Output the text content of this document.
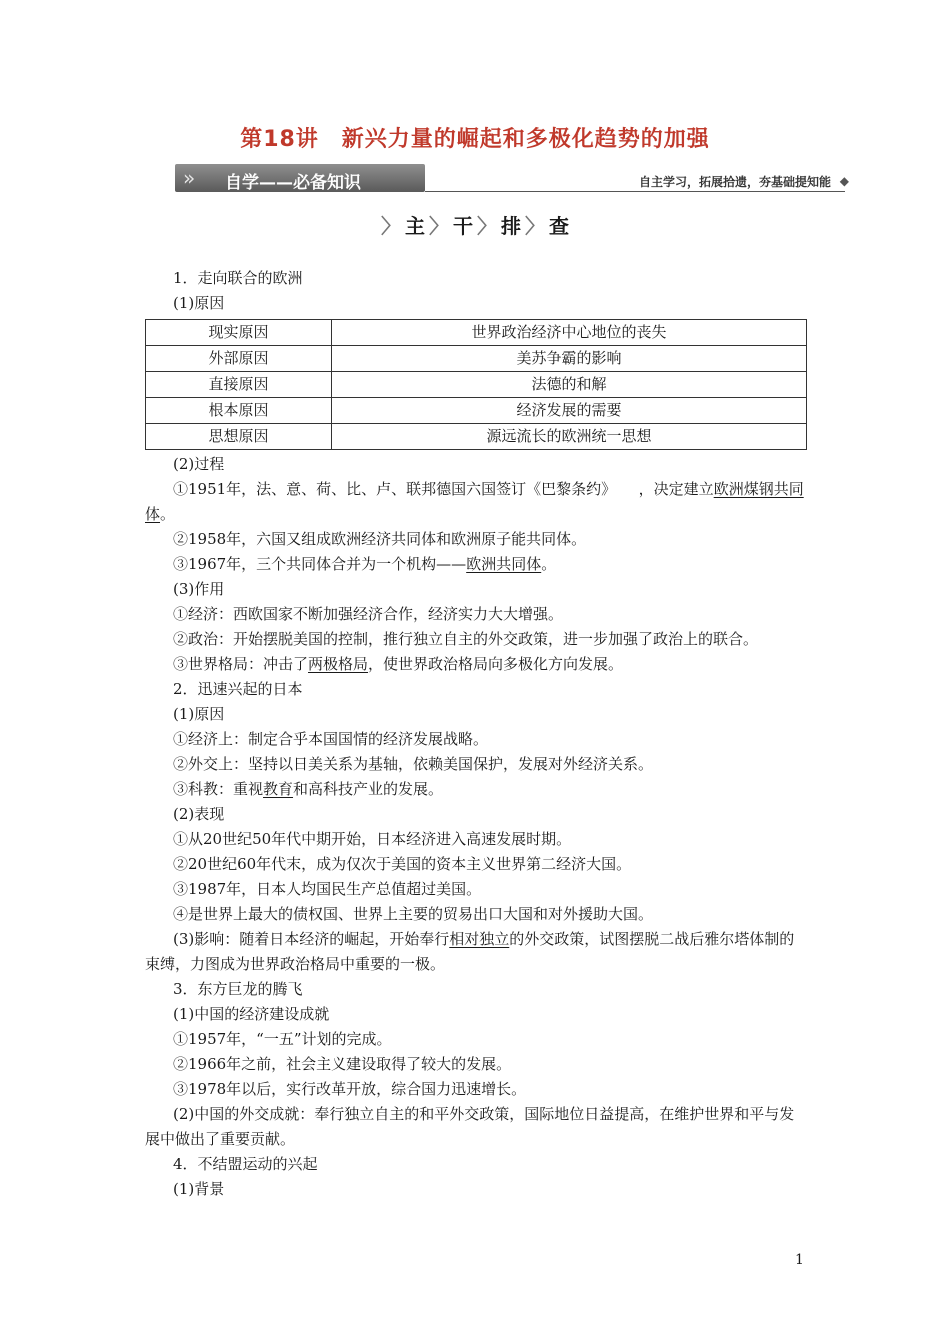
第18讲　新兴力量的崛起和多极化趋势的加强
» 自学——必备知识	自主学习，拓展拾遗，夯基础提知能 ◆
〉 主 〉 干 〉 排 〉 查

1．走向联合的欧洲

(1)原因

现实原因	世界政治经济中心地位的丧失
外部原因	美苏争霸的影响
直接原因	法德的和解
根本原因	经济发展的需要
思想原因	源远流长的欧洲统一思想

(2)过程

①1951年，法、意、荷、比、卢、联邦德国六国签订《巴黎条约》　　，决定建立欧洲煤钢共同体。

②1958年，六国又组成欧洲经济共同体和欧洲原子能共同体。

③1967年，三个共同体合并为一个机构——欧洲共同体。

(3)作用

①经济：西欧国家不断加强经济合作，经济实力大大增强。

②政治：开始摆脱美国的控制，推行独立自主的外交政策，进一步加强了政治上的联合。

③世界格局：冲击了两极格局，使世界政治格局向多极化方向发展。

2．迅速兴起的日本

(1)原因

①经济上：制定合乎本国国情的经济发展战略。

②外交上：坚持以日美关系为基轴，依赖美国保护，发展对外经济关系。

③科教：重视教育和高科技产业的发展。

(2)表现

①从20世纪50年代中期开始，日本经济进入高速发展时期。

②20世纪60年代末，成为仅次于美国的资本主义世界第二经济大国。

③1987年，日本人均国民生产总值超过美国。

④是世界上最大的债权国、世界上主要的贸易出口大国和对外援助大国。

(3)影响：随着日本经济的崛起，开始奉行相对独立的外交政策，试图摆脱二战后雅尔塔体制的束缚，力图成为世界政治格局中重要的一极。

3．东方巨龙的腾飞

(1)中国的经济建设成就

①1957年，“一五”计划的完成。

②1966年之前，社会主义建设取得了较大的发展。

③1978年以后，实行改革开放，综合国力迅速增长。

(2)中国的外交成就：奉行独立自主的和平外交政策，国际地位日益提高，在维护世界和平与发展中做出了重要贡献。

4．不结盟运动的兴起

(1)背景

1
